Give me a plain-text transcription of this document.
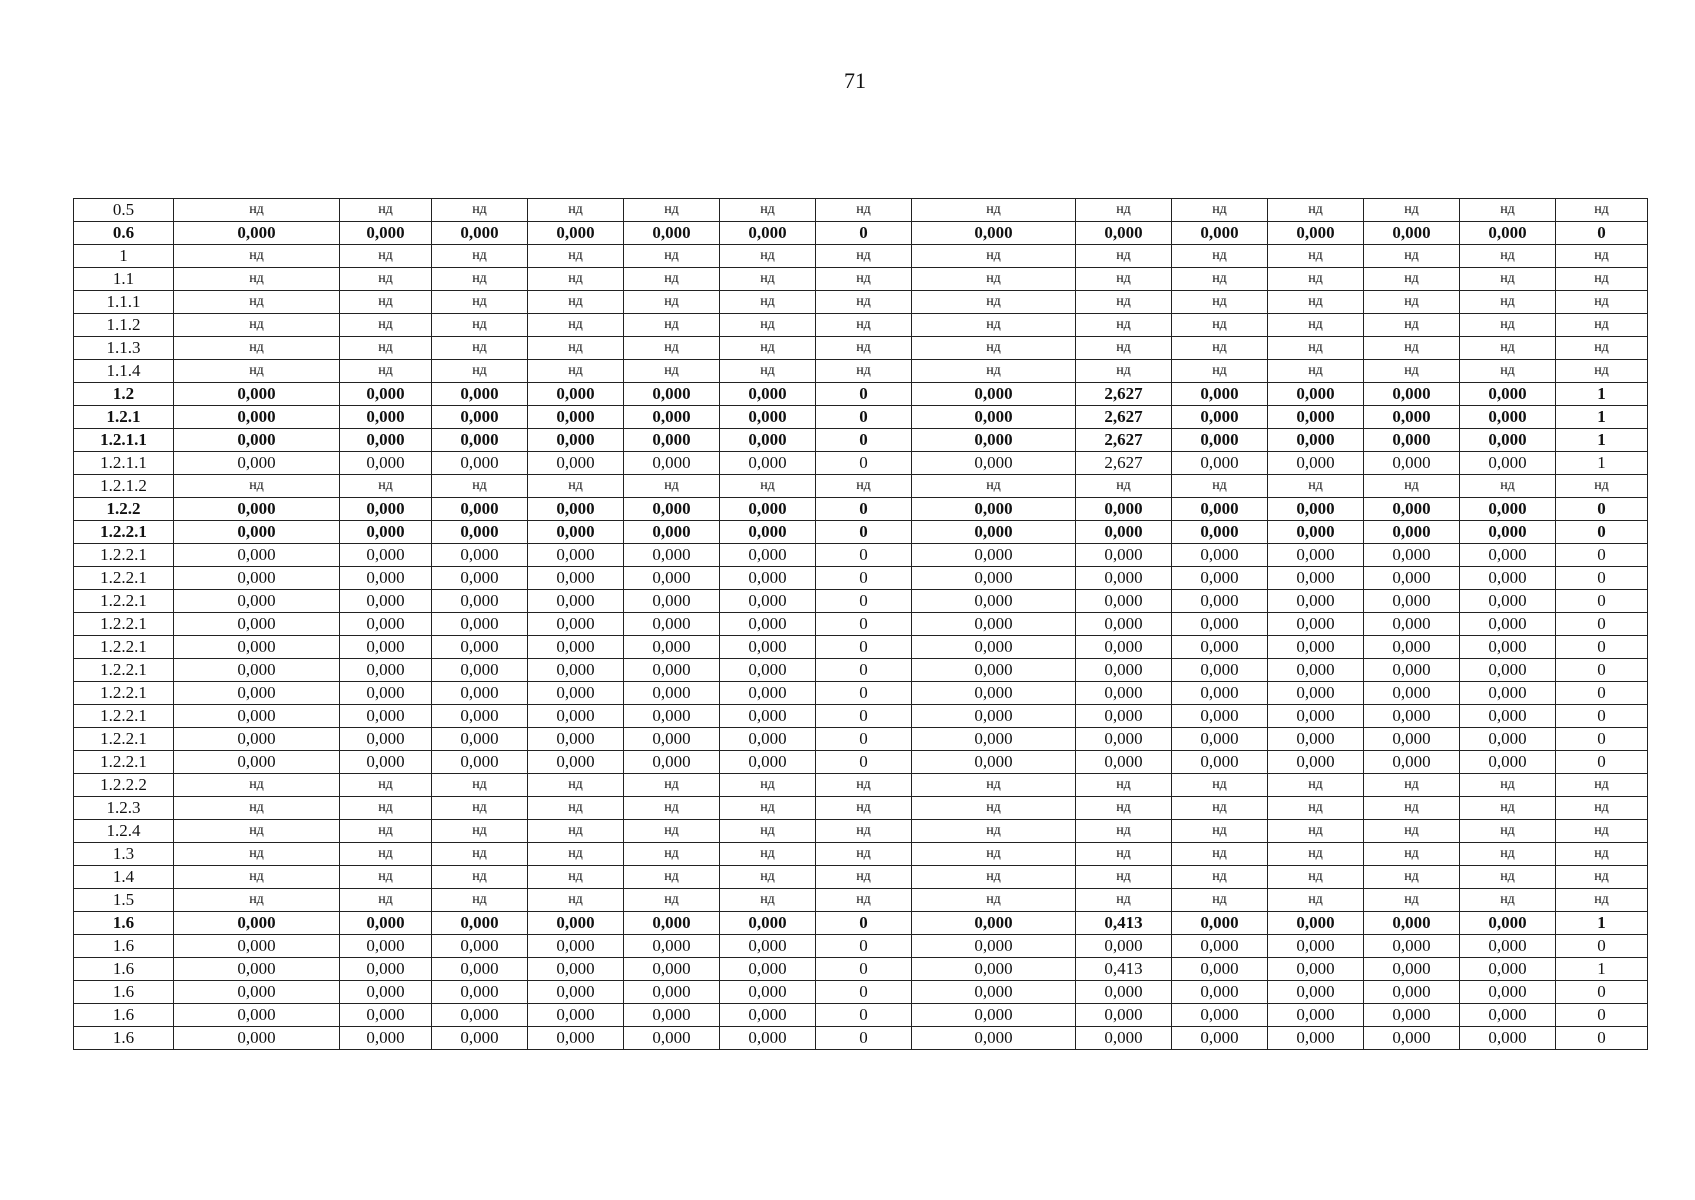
71
0.5	нд	нд	нд	нд	нд	нд	нд	нд	нд	нд	нд	нд	нд	нд
0.6	0,000	0,000	0,000	0,000	0,000	0,000	0	0,000	0,000	0,000	0,000	0,000	0,000	0
1	нд	нд	нд	нд	нд	нд	нд	нд	нд	нд	нд	нд	нд	нд
1.1	нд	нд	нд	нд	нд	нд	нд	нд	нд	нд	нд	нд	нд	нд
1.1.1	нд	нд	нд	нд	нд	нд	нд	нд	нд	нд	нд	нд	нд	нд
1.1.2	нд	нд	нд	нд	нд	нд	нд	нд	нд	нд	нд	нд	нд	нд
1.1.3	нд	нд	нд	нд	нд	нд	нд	нд	нд	нд	нд	нд	нд	нд
1.1.4	нд	нд	нд	нд	нд	нд	нд	нд	нд	нд	нд	нд	нд	нд
1.2	0,000	0,000	0,000	0,000	0,000	0,000	0	0,000	2,627	0,000	0,000	0,000	0,000	1
1.2.1	0,000	0,000	0,000	0,000	0,000	0,000	0	0,000	2,627	0,000	0,000	0,000	0,000	1
1.2.1.1	0,000	0,000	0,000	0,000	0,000	0,000	0	0,000	2,627	0,000	0,000	0,000	0,000	1
1.2.1.1	0,000	0,000	0,000	0,000	0,000	0,000	0	0,000	2,627	0,000	0,000	0,000	0,000	1
1.2.1.2	нд	нд	нд	нд	нд	нд	нд	нд	нд	нд	нд	нд	нд	нд
1.2.2	0,000	0,000	0,000	0,000	0,000	0,000	0	0,000	0,000	0,000	0,000	0,000	0,000	0
1.2.2.1	0,000	0,000	0,000	0,000	0,000	0,000	0	0,000	0,000	0,000	0,000	0,000	0,000	0
1.2.2.1	0,000	0,000	0,000	0,000	0,000	0,000	0	0,000	0,000	0,000	0,000	0,000	0,000	0
1.2.2.1	0,000	0,000	0,000	0,000	0,000	0,000	0	0,000	0,000	0,000	0,000	0,000	0,000	0
1.2.2.1	0,000	0,000	0,000	0,000	0,000	0,000	0	0,000	0,000	0,000	0,000	0,000	0,000	0
1.2.2.1	0,000	0,000	0,000	0,000	0,000	0,000	0	0,000	0,000	0,000	0,000	0,000	0,000	0
1.2.2.1	0,000	0,000	0,000	0,000	0,000	0,000	0	0,000	0,000	0,000	0,000	0,000	0,000	0
1.2.2.1	0,000	0,000	0,000	0,000	0,000	0,000	0	0,000	0,000	0,000	0,000	0,000	0,000	0
1.2.2.1	0,000	0,000	0,000	0,000	0,000	0,000	0	0,000	0,000	0,000	0,000	0,000	0,000	0
1.2.2.1	0,000	0,000	0,000	0,000	0,000	0,000	0	0,000	0,000	0,000	0,000	0,000	0,000	0
1.2.2.1	0,000	0,000	0,000	0,000	0,000	0,000	0	0,000	0,000	0,000	0,000	0,000	0,000	0
1.2.2.1	0,000	0,000	0,000	0,000	0,000	0,000	0	0,000	0,000	0,000	0,000	0,000	0,000	0
1.2.2.2	нд	нд	нд	нд	нд	нд	нд	нд	нд	нд	нд	нд	нд	нд
1.2.3	нд	нд	нд	нд	нд	нд	нд	нд	нд	нд	нд	нд	нд	нд
1.2.4	нд	нд	нд	нд	нд	нд	нд	нд	нд	нд	нд	нд	нд	нд
1.3	нд	нд	нд	нд	нд	нд	нд	нд	нд	нд	нд	нд	нд	нд
1.4	нд	нд	нд	нд	нд	нд	нд	нд	нд	нд	нд	нд	нд	нд
1.5	нд	нд	нд	нд	нд	нд	нд	нд	нд	нд	нд	нд	нд	нд
1.6	0,000	0,000	0,000	0,000	0,000	0,000	0	0,000	0,413	0,000	0,000	0,000	0,000	1
1.6	0,000	0,000	0,000	0,000	0,000	0,000	0	0,000	0,000	0,000	0,000	0,000	0,000	0
1.6	0,000	0,000	0,000	0,000	0,000	0,000	0	0,000	0,413	0,000	0,000	0,000	0,000	1
1.6	0,000	0,000	0,000	0,000	0,000	0,000	0	0,000	0,000	0,000	0,000	0,000	0,000	0
1.6	0,000	0,000	0,000	0,000	0,000	0,000	0	0,000	0,000	0,000	0,000	0,000	0,000	0
1.6	0,000	0,000	0,000	0,000	0,000	0,000	0	0,000	0,000	0,000	0,000	0,000	0,000	0
